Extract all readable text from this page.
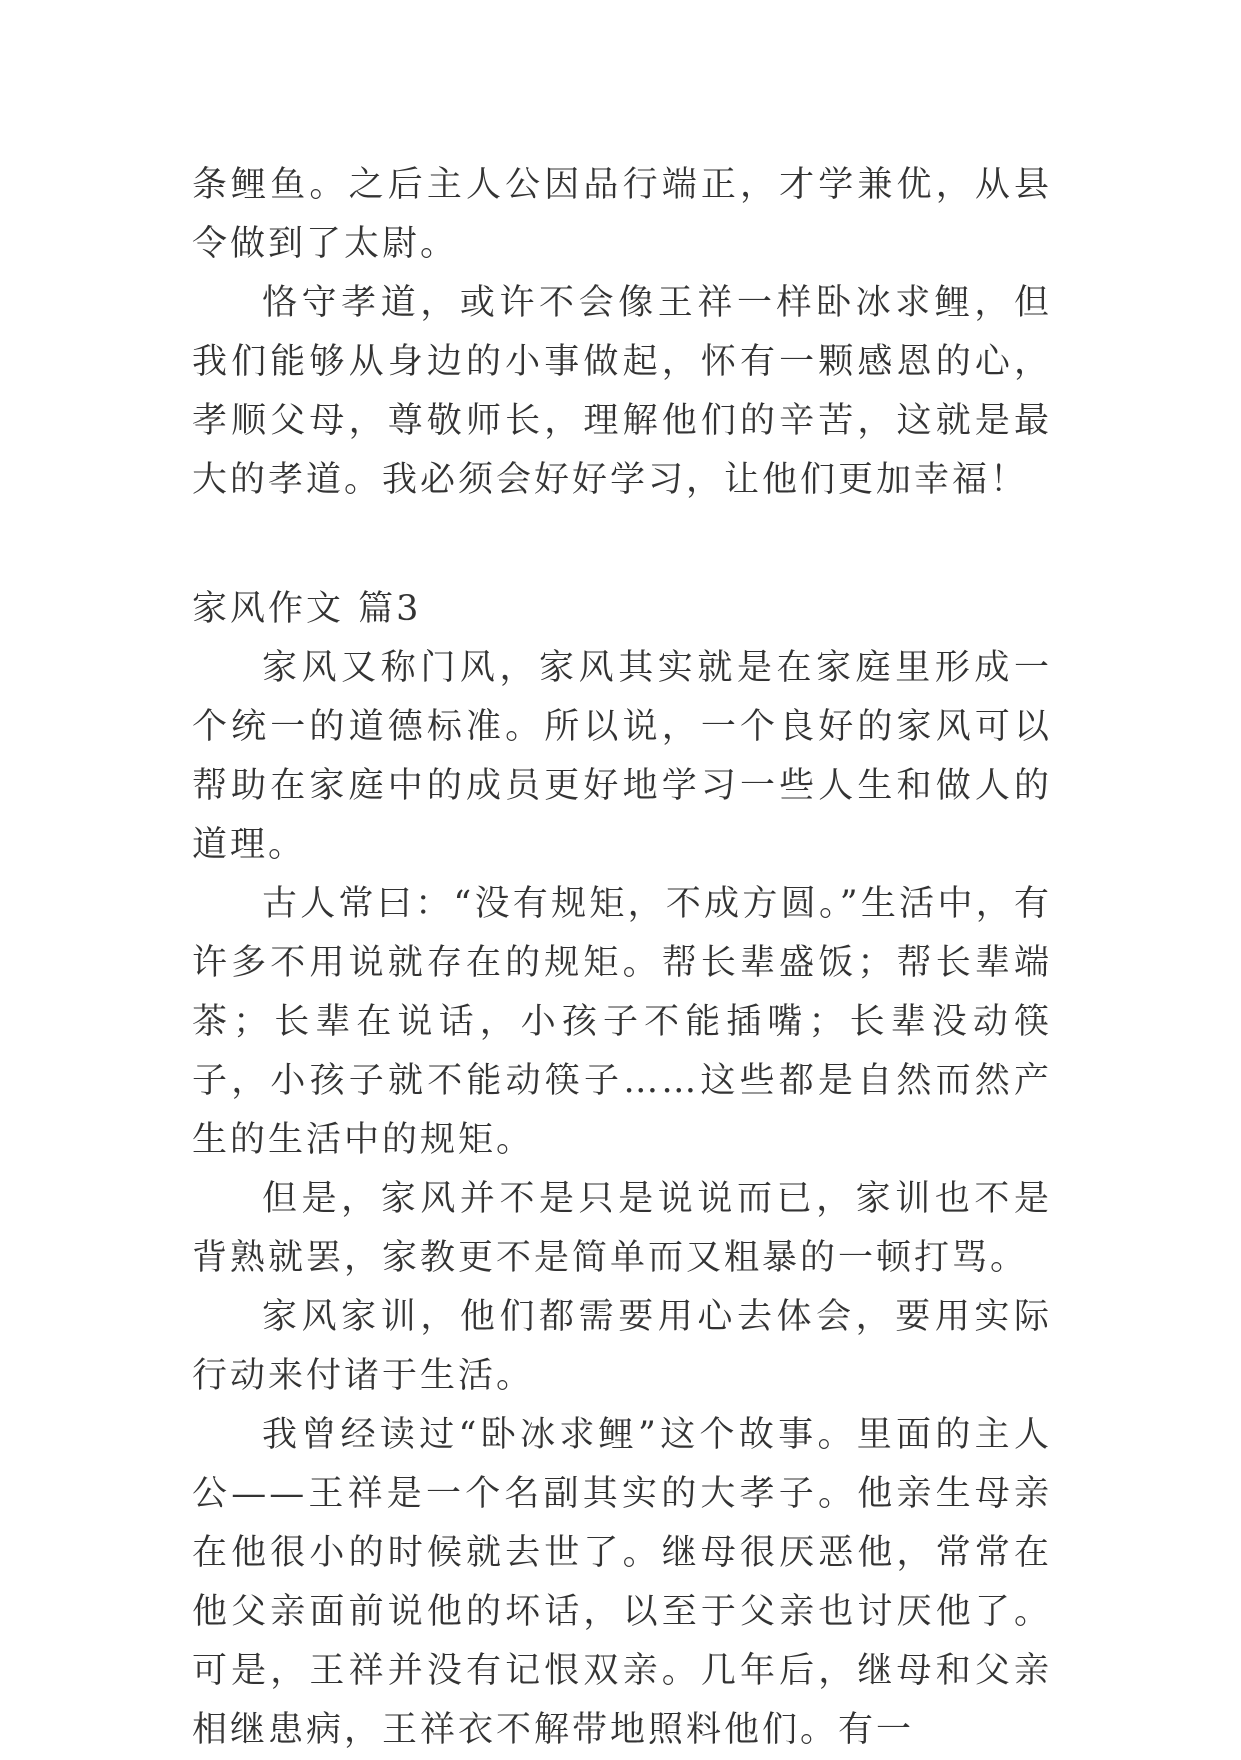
条鲤鱼。之后主人公因品行端正，才学兼优，从县令做到了太尉。

恪守孝道，或许不会像王祥一样卧冰求鲤，但我们能够从身边的小事做起，怀有一颗感恩的心，孝顺父母，尊敬师长，理解他们的辛苦，这就是最大的孝道。我必须会好好学习，让他们更加幸福！

家风作文 篇3

家风又称门风，家风其实就是在家庭里形成一个统一的道德标准。所以说，一个良好的家风可以帮助在家庭中的成员更好地学习一些人生和做人的道理。

古人常曰：“没有规矩，不成方圆。”生活中，有许多不用说就存在的规矩。帮长辈盛饭；帮长辈端茶；长辈在说话，小孩子不能插嘴；长辈没动筷子，小孩子就不能动筷子……这些都是自然而然产生的生活中的规矩。

但是，家风并不是只是说说而已，家训也不是背熟就罢，家教更不是简单而又粗暴的一顿打骂。

家风家训，他们都需要用心去体会，要用实际行动来付诸于生活。

我曾经读过“卧冰求鲤”这个故事。里面的主人公——王祥是一个名副其实的大孝子。他亲生母亲在他很小的时候就去世了。继母很厌恶他，常常在他父亲面前说他的坏话，以至于父亲也讨厌他了。可是，王祥并没有记恨双亲。几年后，继母和父亲相继患病，王祥衣不解带地照料他们。有一
